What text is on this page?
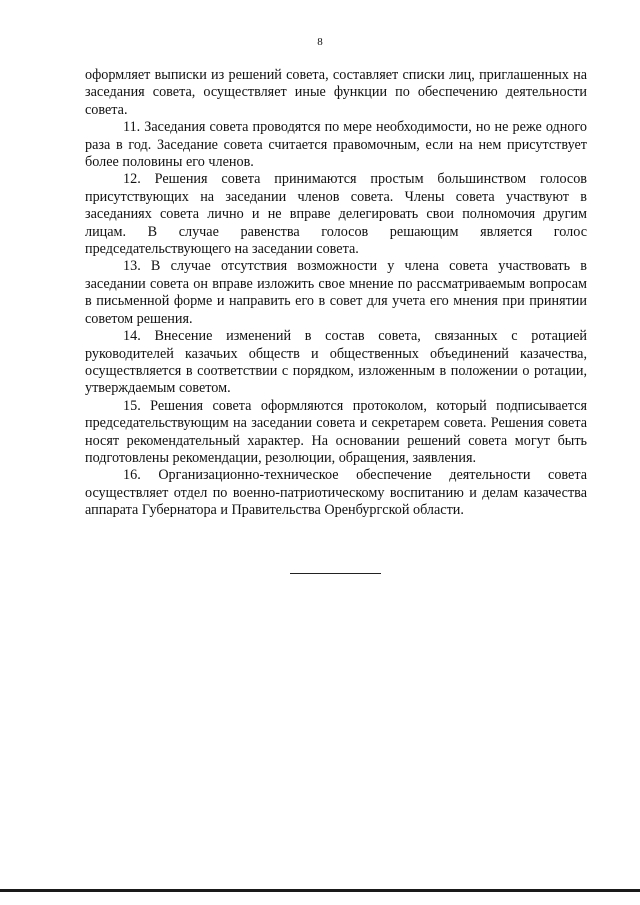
8

оформляет выписки из решений совета, составляет списки лиц, приглашенных на заседания совета, осуществляет иные функции по обеспечению деятельности совета.

11. Заседания совета проводятся по мере необходимости, но не реже одного раза в год. Заседание совета считается правомочным, если на нем присутствует более половины его членов.

12. Решения совета принимаются простым большинством голосов присутствующих на заседании членов совета. Члены совета участвуют в заседаниях совета лично и не вправе делегировать свои полномочия другим лицам. В случае равенства голосов решающим является голос председательствующего на заседании совета.

13. В случае отсутствия возможности у члена совета участвовать в заседании совета он вправе изложить свое мнение по рассматриваемым вопросам в письменной форме и направить его в совет для учета его мнения при принятии советом решения.

14. Внесение изменений в состав совета, связанных с ротацией руководителей казачьих обществ и общественных объединений казачества, осуществляется в соответствии с порядком, изложенным в положении о ротации, утверждаемым советом.

15. Решения совета оформляются протоколом, который подписывается председательствующим на заседании совета и секретарем совета. Решения совета носят рекомендательный характер. На основании решений совета могут быть подготовлены рекомендации, резолюции, обращения, заявления.

16. Организационно-техническое обеспечение деятельности совета осуществляет отдел по военно-патриотическому воспитанию и делам казачества аппарата Губернатора и Правительства Оренбургской области.
